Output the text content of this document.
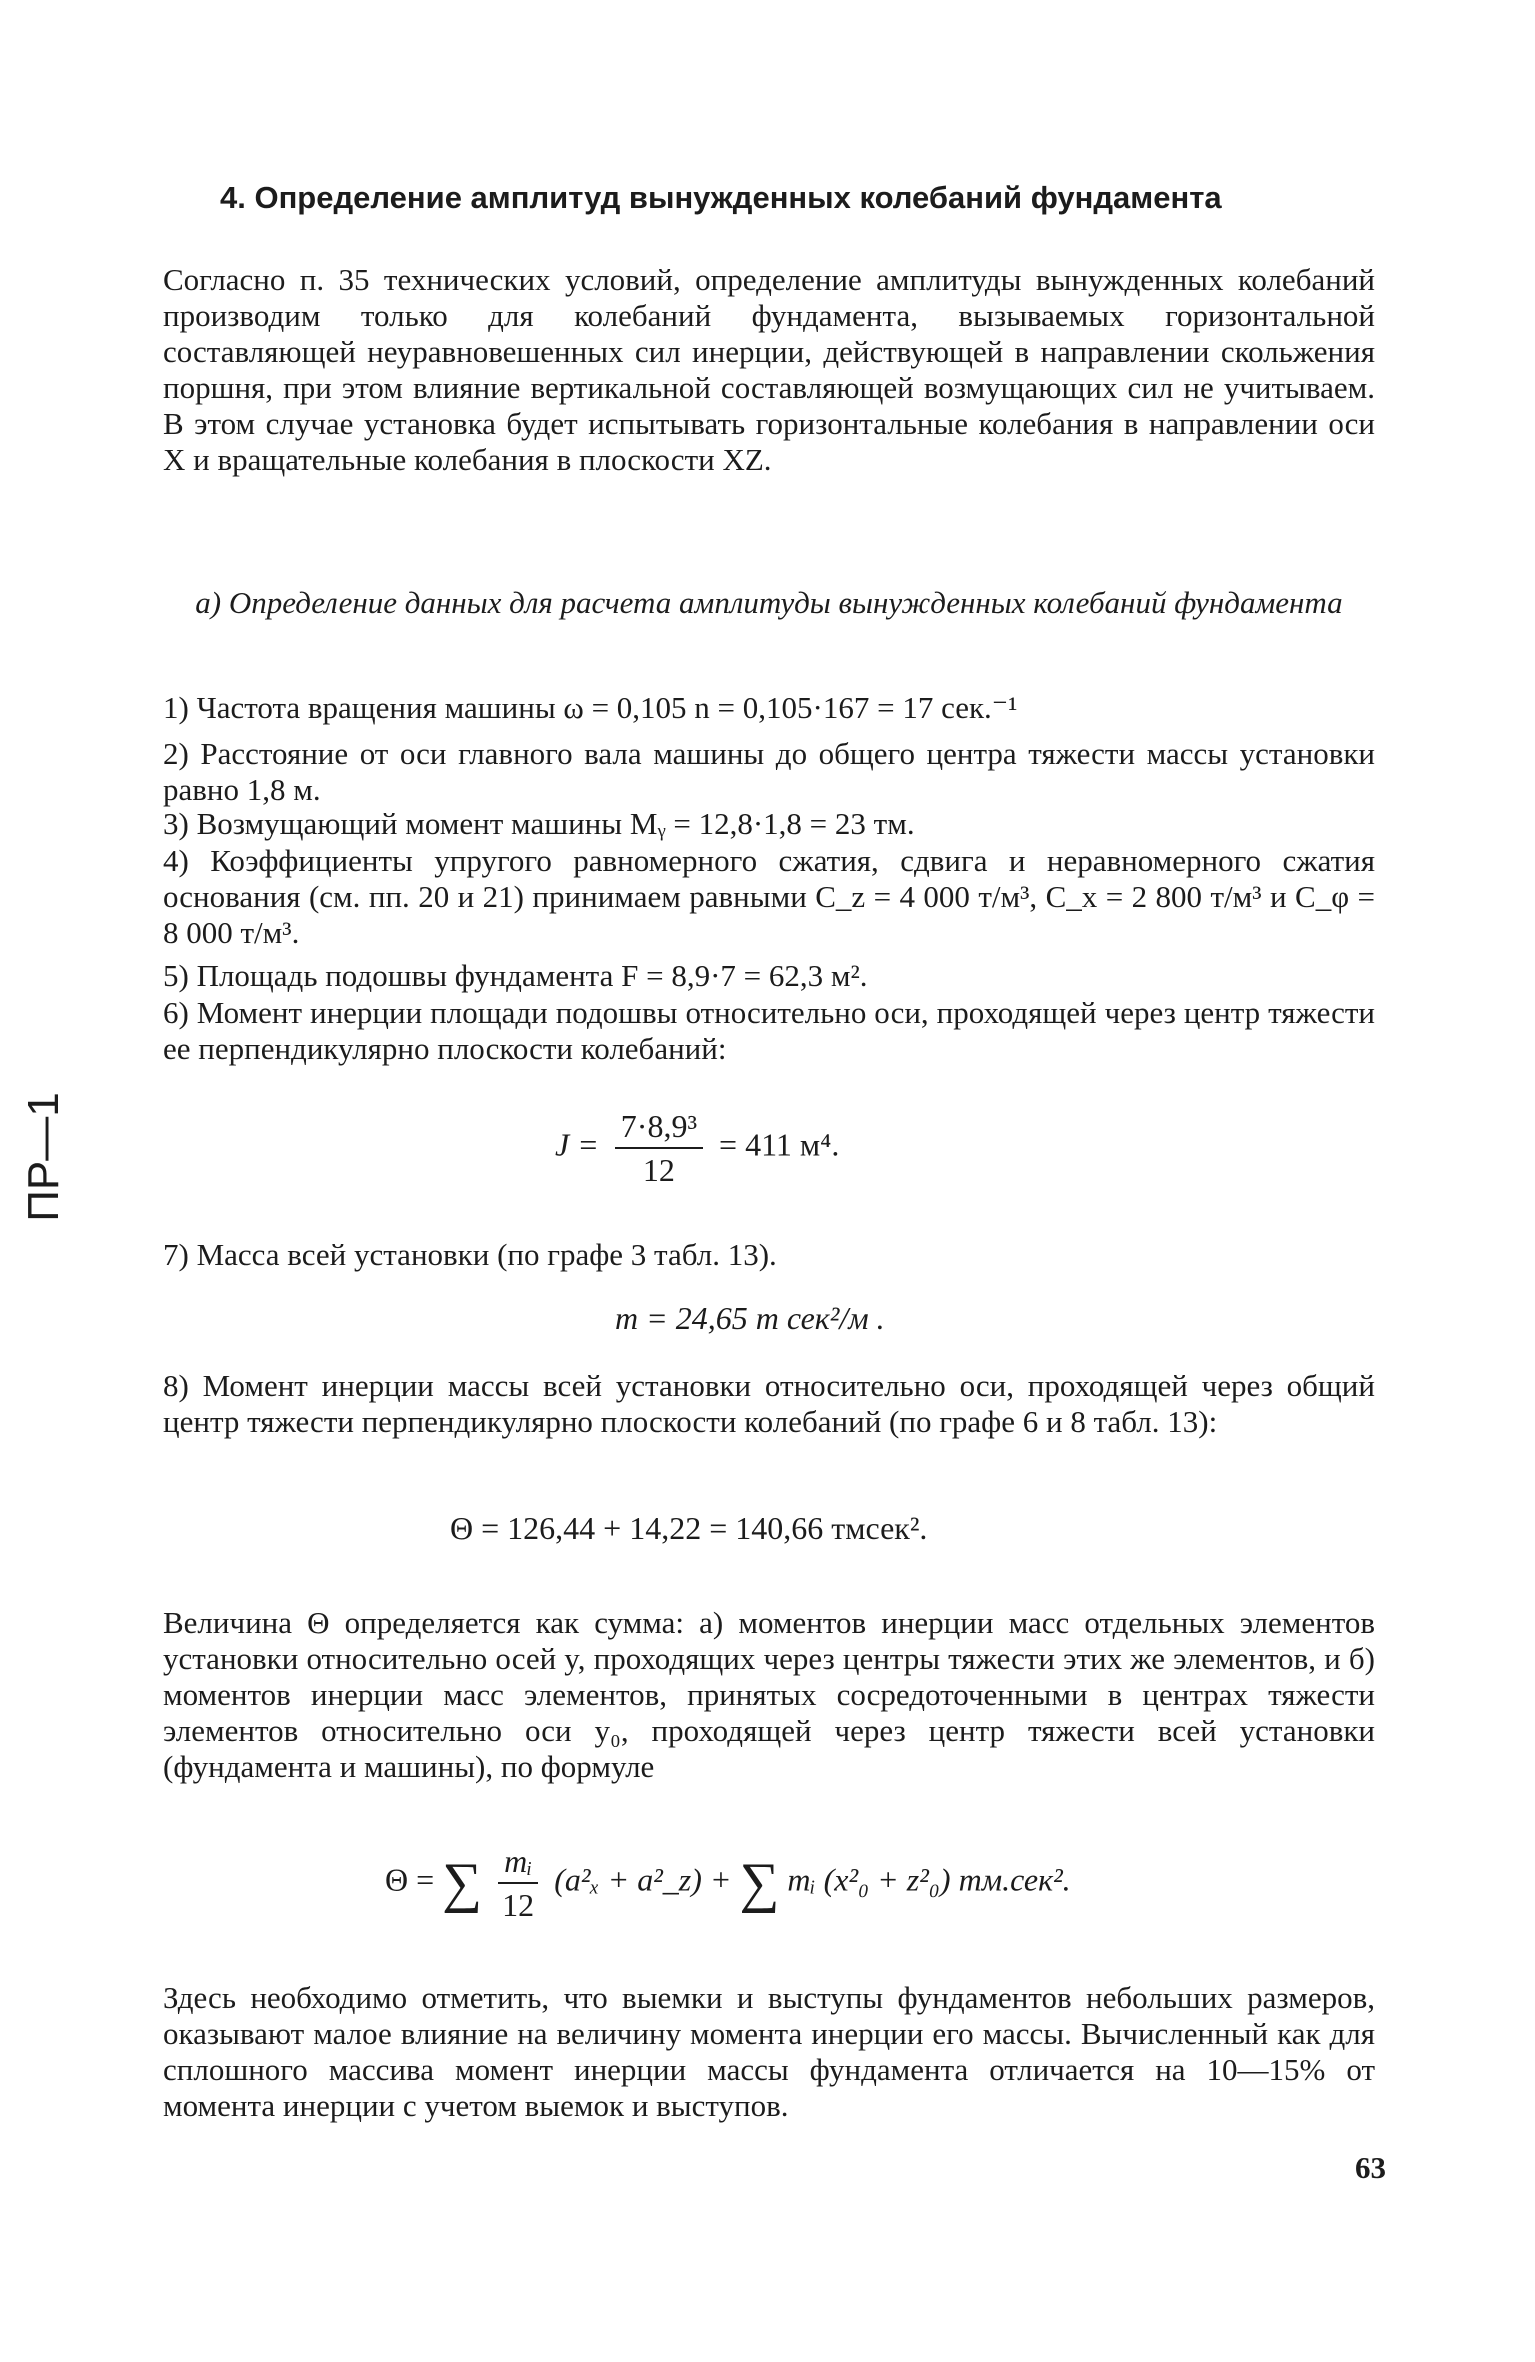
ПР—1
4. Определение амплитуд вынужденных колебаний фундамента
Согласно п. 35 технических условий, определение амплитуды вынужденных колебаний производим только для колебаний фундамента, вызываемых горизонтальной составляющей неуравновешенных сил инерции, действующей в направлении скольжения поршня, при этом влияние вертикальной составляющей возмущающих сил не учитываем. В этом случае установка будет испытывать горизонтальные колебания в направлении оси X и вращательные колебания в плоскости XZ.
а) Определение данных для расчета амплитуды вынужденных колебаний фундамента
1) Частота вращения машины ω = 0,105 n = 0,105·167 = 17 сек.⁻¹
2) Расстояние от оси главного вала машины до общего центра тяжести массы установки равно 1,8 м.
3) Возмущающий момент машины Mᵧ = 12,8·1,8 = 23 тм.
4) Коэффициенты упругого равномерного сжатия, сдвига и неравномерного сжатия основания (см. пп. 20 и 21) принимаем равными C_z = 4 000 т/м³, C_x = 2 800 т/м³ и C_φ = 8 000 т/м³.
5) Площадь подошвы фундамента F = 8,9·7 = 62,3 м².
6) Момент инерции площади подошвы относительно оси, проходящей через центр тяжести ее перпендикулярно плоскости колебаний:
$J = \frac{\text{7·8,9³}}{12} = 411$ м⁴.
7) Масса всей установки (по графе 3 табл. 13).
m = 24,65 т сек²/м .
8) Момент инерции массы всей установки относительно оси, проходящей через общий центр тяжести перпендикулярно плоскости колебаний (по графе 6 и 8 табл. 13):
Θ = 126,44 + 14,22 = 140,66 тмсек².
Величина Θ определяется как сумма: а) моментов инерции масс отдельных элементов установки относительно осей y, проходящих через центры тяжести этих же элементов, и б) моментов инерции масс элементов, принятых сосредоточенными в центрах тяжести элементов относительно оси y₀, проходящей через центр тяжести всей установки (фундамента и машины), по формуле
Θ = ∑ $\frac{\text{mᵢ}}{12} (a^2_x$ + a²_z) + ∑ mᵢ (x²₀ + z²₀) тм.сек².
Здесь необходимо отметить, что выемки и выступы фундаментов небольших размеров, оказывают малое влияние на величину момента инерции его массы. Вычисленный как для сплошного массива момент инерции массы фундамента отличается на 10—15% от момента инерции с учетом выемок и выступов.
63
